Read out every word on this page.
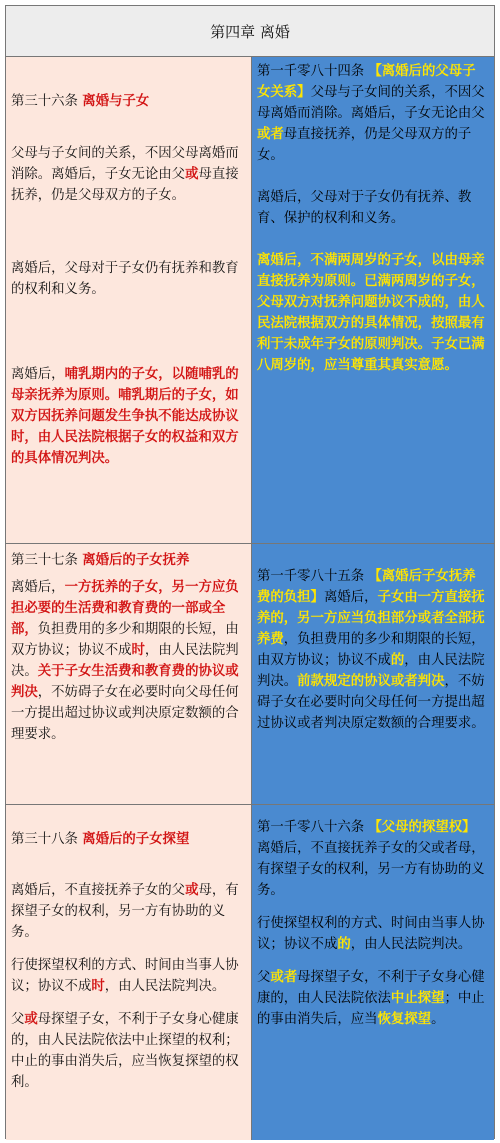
第四章 离婚

第三十六条 离婚与子女

父母与子女间的关系，不因父母离婚而消除。离婚后，子女无论由父或母直接抚养，仍是父母双方的子女。

离婚后，父母对于子女仍有抚养和教育的权利和义务。

离婚后，哺乳期内的子女，以随哺乳的母亲抚养为原则。哺乳期后的子女，如双方因抚养问题发生争执不能达成协议时，由人民法院根据子女的权益和双方的具体情况判决。

第一千零八十四条 【离婚后的父母子女关系】父母与子女间的关系，不因父母离婚而消除。离婚后，子女无论由父或者母直接抚养，仍是父母双方的子女。

离婚后，父母对于子女仍有抚养、教育、保护的权利和义务。

离婚后，不满两周岁的子女，以由母亲直接抚养为原则。已满两周岁的子女，父母双方对抚养问题协议不成的，由人民法院根据双方的具体情况，按照最有利于未成年子女的原则判决。子女已满八周岁的，应当尊重其真实意愿。

第三十七条 离婚后的子女抚养

离婚后，一方抚养的子女，另一方应负担必要的生活费和教育费的一部或全部，负担费用的多少和期限的长短，由双方协议；协议不成时，由人民法院判决。关于子女生活费和教育费的协议或判决，不妨碍子女在必要时向父母任何一方提出超过协议或判决原定数额的合理要求。

第一千零八十五条 【离婚后子女抚养费的负担】离婚后，子女由一方直接抚养的，另一方应当负担部分或者全部抚养费，负担费用的多少和期限的长短，由双方协议；协议不成的，由人民法院判决。前款规定的协议或者判决，不妨碍子女在必要时向父母任何一方提出超过协议或者判决原定数额的合理要求。

第三十八条 离婚后的子女探望

离婚后，不直接抚养子女的父或母，有探望子女的权利，另一方有协助的义务。

行使探望权利的方式、时间由当事人协议；协议不成时，由人民法院判决。

父或母探望子女，不利于子女身心健康的，由人民法院依法中止探望的权利；中止的事由消失后，应当恢复探望的权利。

第一千零八十六条 【父母的探望权】离婚后，不直接抚养子女的父或者母，有探望子女的权利，另一方有协助的义务。

行使探望权利的方式、时间由当事人协议；协议不成的，由人民法院判决。

父或者母探望子女，不利于子女身心健康的，由人民法院依法中止探望；中止的事由消失后，应当恢复探望。
